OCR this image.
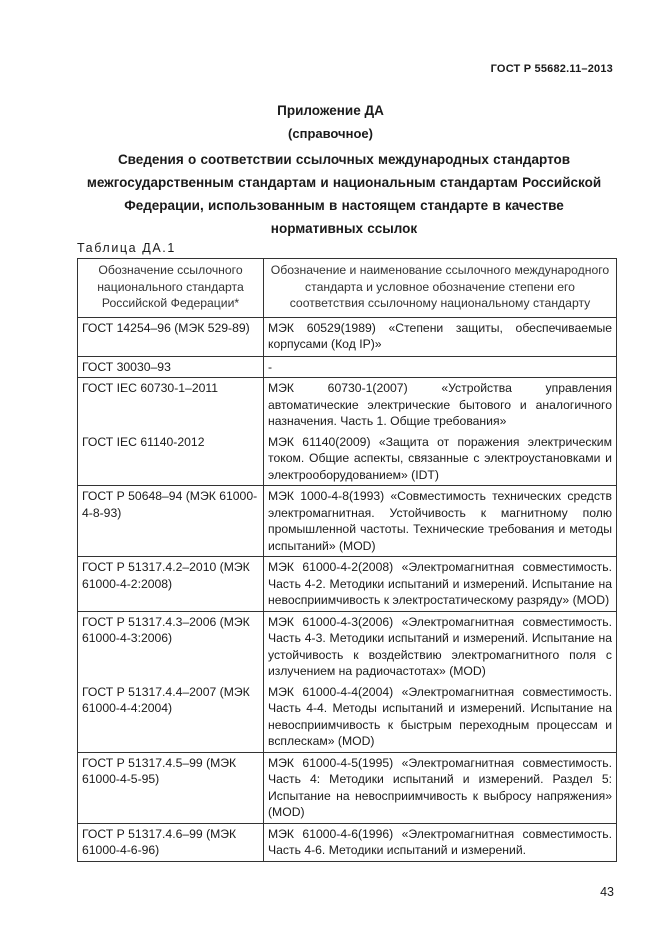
ГОСТ Р 55682.11–2013
Приложение ДА
(справочное)
Сведения о соответствии ссылочных международных стандартов межгосударственным стандартам и национальным стандартам Российской Федерации, использованным в настоящем стандарте в качестве нормативных ссылок
Таблица ДА.1
Обозначение ссылочного национального стандарта Российской Федерации*	Обозначение и наименование ссылочного международного стандарта и условное обозначение степени его соответствия ссылочному национальному стандарту
ГОСТ 14254–96 (МЭК 529-89)	МЭК 60529(1989) «Степени защиты, обеспечиваемые корпусами (Код IP)»
ГОСТ 30030–93	-
ГОСТ IEC 60730-1–2011	МЭК 60730-1(2007) «Устройства управления автоматические электрические бытового и аналогичного назначения. Часть 1. Общие требования»
ГОСТ IEC 61140-2012	МЭК 61140(2009) «Защита от поражения электрическим током. Общие аспекты, связанные с электроустановками и электрооборудованием» (IDT)
ГОСТ Р 50648–94 (МЭК 61000-4-8-93)	МЭК 1000-4-8(1993) «Совместимость технических средств электромагнитная. Устойчивость к магнитному полю промышленной частоты. Технические требования и методы испытаний» (MOD)
ГОСТ Р 51317.4.2–2010 (МЭК 61000-4-2:2008)	МЭК 61000-4-2(2008) «Электромагнитная совместимость. Часть 4-2. Методики испытаний и измерений. Испытание на невосприимчивость к электростатическому разряду» (MOD)
ГОСТ Р 51317.4.3–2006 (МЭК 61000-4-3:2006)	МЭК 61000-4-3(2006) «Электромагнитная совместимость. Часть 4-3. Методики испытаний и измерений. Испытание на устойчивость к воздействию электромагнитного поля с излучением на радиочастотах» (MOD)
ГОСТ Р 51317.4.4–2007 (МЭК 61000-4-4:2004)	МЭК 61000-4-4(2004) «Электромагнитная совместимость. Часть 4-4. Методы испытаний и измерений. Испытание на невосприимчивость к быстрым переходным процессам и всплескам» (MOD)
ГОСТ Р 51317.4.5–99 (МЭК 61000-4-5-95)	МЭК 61000-4-5(1995) «Электромагнитная совместимость. Часть 4: Методики испытаний и измерений. Раздел 5: Испытание на невосприимчивость к выбросу напряжения» (MOD)
ГОСТ Р 51317.4.6–99 (МЭК 61000-4-6-96)	МЭК 61000-4-6(1996) «Электромагнитная совместимость. Часть 4-6. Методики испытаний и измерений.
43
